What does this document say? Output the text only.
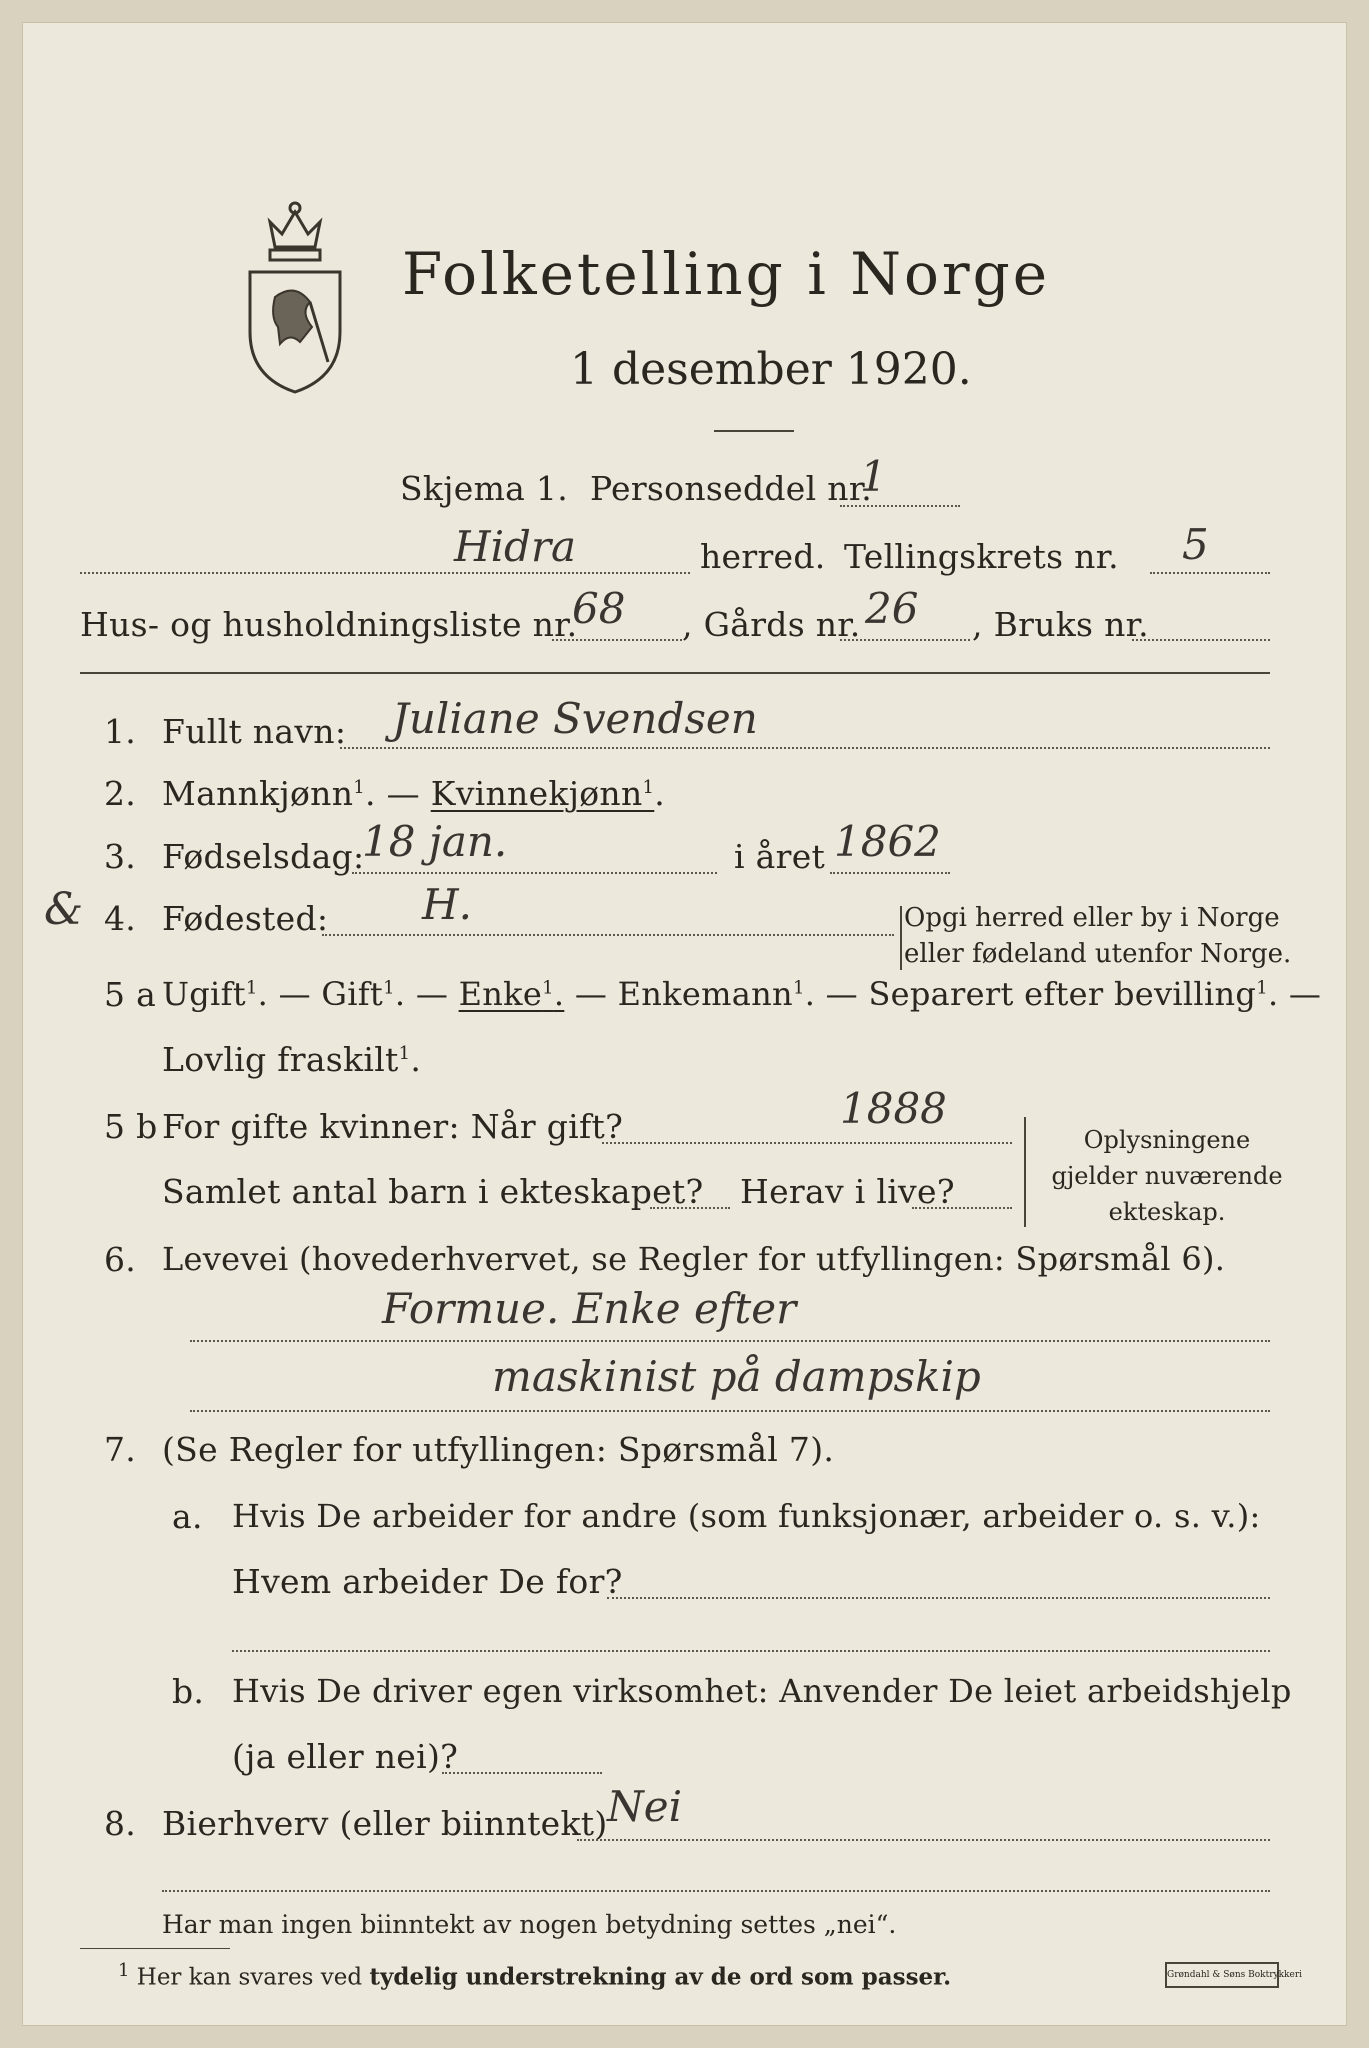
Folketelling i Norge
1 desember 1920.
Skjema 1. Personseddel nr.
1
Hidra	herred. Tellingskrets nr. 5
Hus- og husholdningsliste nr.
68 , Gårds nr. 26 , Bruks nr.
1. Fullt navn: Juliane Svendsen
2. Mannkjønn$^1$. — Kvinnekjønn$^1$.
3. Fødselsdag:
18 jan.	i året 1862
& 4. Fødested: H.	Opgi herred eller by i Norge
eller fødeland utenfor Norge.
5 a Ugift$^1$. — Gift$^1$. — Enke$^1$. — Enkemann$^1$. — Separert efter bevilling$^1$. —
Lovlig fraskilt$^1$.
5 b For gifte kvinner: Når gift?	1888
Samlet antal barn i ekteskapet? Herav i live?
Oplysningene
gjelder nuværende
ekteskap.
6. Levevei (hovederhvervet, se Regler for utfyllingen: Spørsmål 6).
Formue. Enke efter
maskinist på dampskip
7. (Se Regler for utfyllingen: Spørsmål 7).
a. Hvis De arbeider for andre (som funksjonær, arbeider o. s. v.):
Hvem arbeider De for?
b. Hvis De driver egen virksomhet: Anvender De leiet arbeidshjelp
(ja eller nei)?
8. Bierhverv (eller biinntekt) Nei
Har man ingen biinntekt av nogen betydning settes „nei“.
$^1$ Her kan svares ved tydelig understrekning av de ord som passer.	Grøndahl & Søns Boktrykkeri
